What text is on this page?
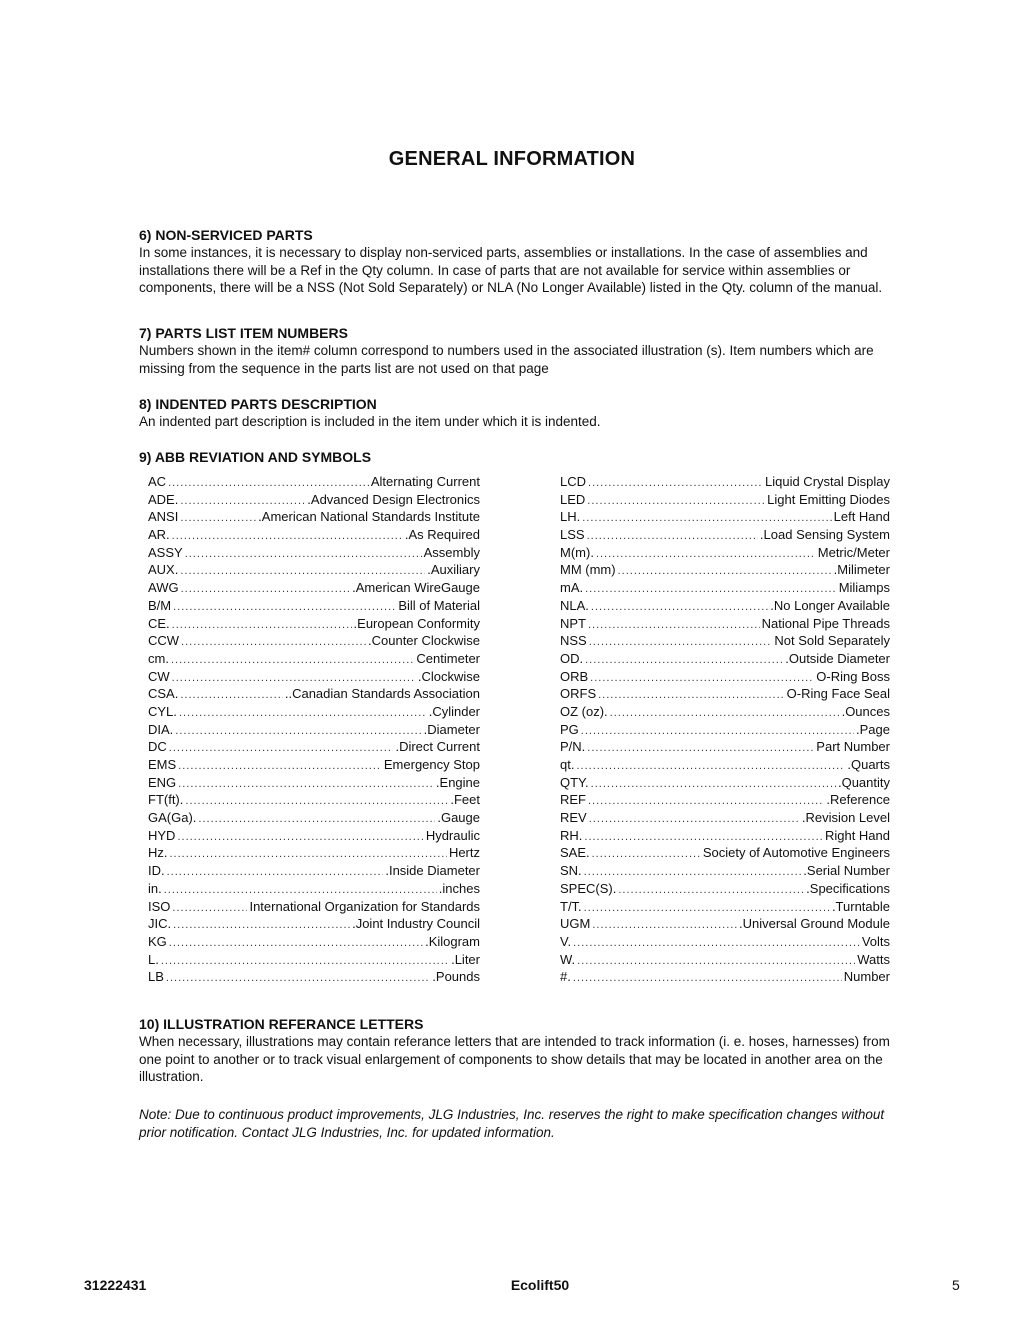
GENERAL INFORMATION
6) NON-SERVICED PARTS
In some instances, it is necessary to display non-serviced parts, assemblies or installations. In the case of assemblies and installations there will be a Ref in the Qty column. In case of parts that are not available for service within assemblies or components, there will be a NSS (Not Sold Separately) or NLA (No Longer Available) listed in the Qty. column of the manual.
7) PARTS LIST ITEM NUMBERS
Numbers shown in the item# column correspond to numbers used in the associated illustration (s). Item numbers which are missing from the sequence in the parts list are not used on that page
8) INDENTED PARTS DESCRIPTION
An indented part description is included in the item under which it is indented.
9) ABB REVIATION AND SYMBOLS
AC .....	Alternating Current
ADE. .....	.Advanced Design Electronics
ANSI .....	.American National Standards Institute
AR. .....	.As Required
ASSY .....	Assembly
AUX. .....	.Auxiliary
AWG .....	.American WireGauge
B/M .....	Bill of Material
CE. .....	.European Conformity
CCW .....	.Counter Clockwise
cm. .....	Centimeter
CW .....	.Clockwise
CSA. .....	..Canadian Standards Association
CYL. .....	.Cylinder
DIA. .....	.Diameter
DC .....	.Direct Current
EMS .....	Emergency Stop
ENG .....	.Engine
FT(ft). .....	.Feet
GA(Ga). .....	.Gauge
HYD .....	Hydraulic
Hz. .....	Hertz
ID. .....	.Inside Diameter
in. .....	.inches
ISO .....	International Organization for Standards
JIC. .....	.Joint Industry Council
KG .....	.Kilogram
L. .....	.Liter
LB .....	.Pounds
LCD .....	Liquid Crystal Display
LED .....	Light Emitting Diodes
LH. .....	Left Hand
LSS .....	.Load Sensing System
M(m). .....	Metric/Meter
MM (mm) .....	.Milimeter
mA. .....	Miliamps
NLA. .....	.No Longer Available
NPT .....	National Pipe Threads
NSS .....	Not Sold Separately
OD. .....	.Outside Diameter
ORB .....	O-Ring Boss
ORFS .....	O-Ring Face Seal
OZ (oz). .....	.Ounces
PG .....	.Page
P/N. .....	Part Number
qt. .....	.Quarts
QTY. .....	.Quantity
REF .....	.Reference
REV .....	.Revision Level
RH. .....	Right Hand
SAE. .....	Society of Automotive Engineers
SN. .....	.Serial Number
SPEC(S). .....	.Specifications
T/T. .....	.Turntable
UGM .....	.Universal Ground Module
V. .....	Volts
W. .....	Watts
#. .....	Number
10) ILLUSTRATION REFERANCE LETTERS
When necessary, illustrations may contain referance letters that are intended to track information (i. e. hoses, harnesses) from one point to another or to track visual enlargement of components to show details that may be located in another area on the illustration.
Note: Due to continuous product improvements, JLG Industries, Inc. reserves the right to make specification changes without prior notification. Contact JLG Industries, Inc. for updated information.
31222431	Ecolift50	5
